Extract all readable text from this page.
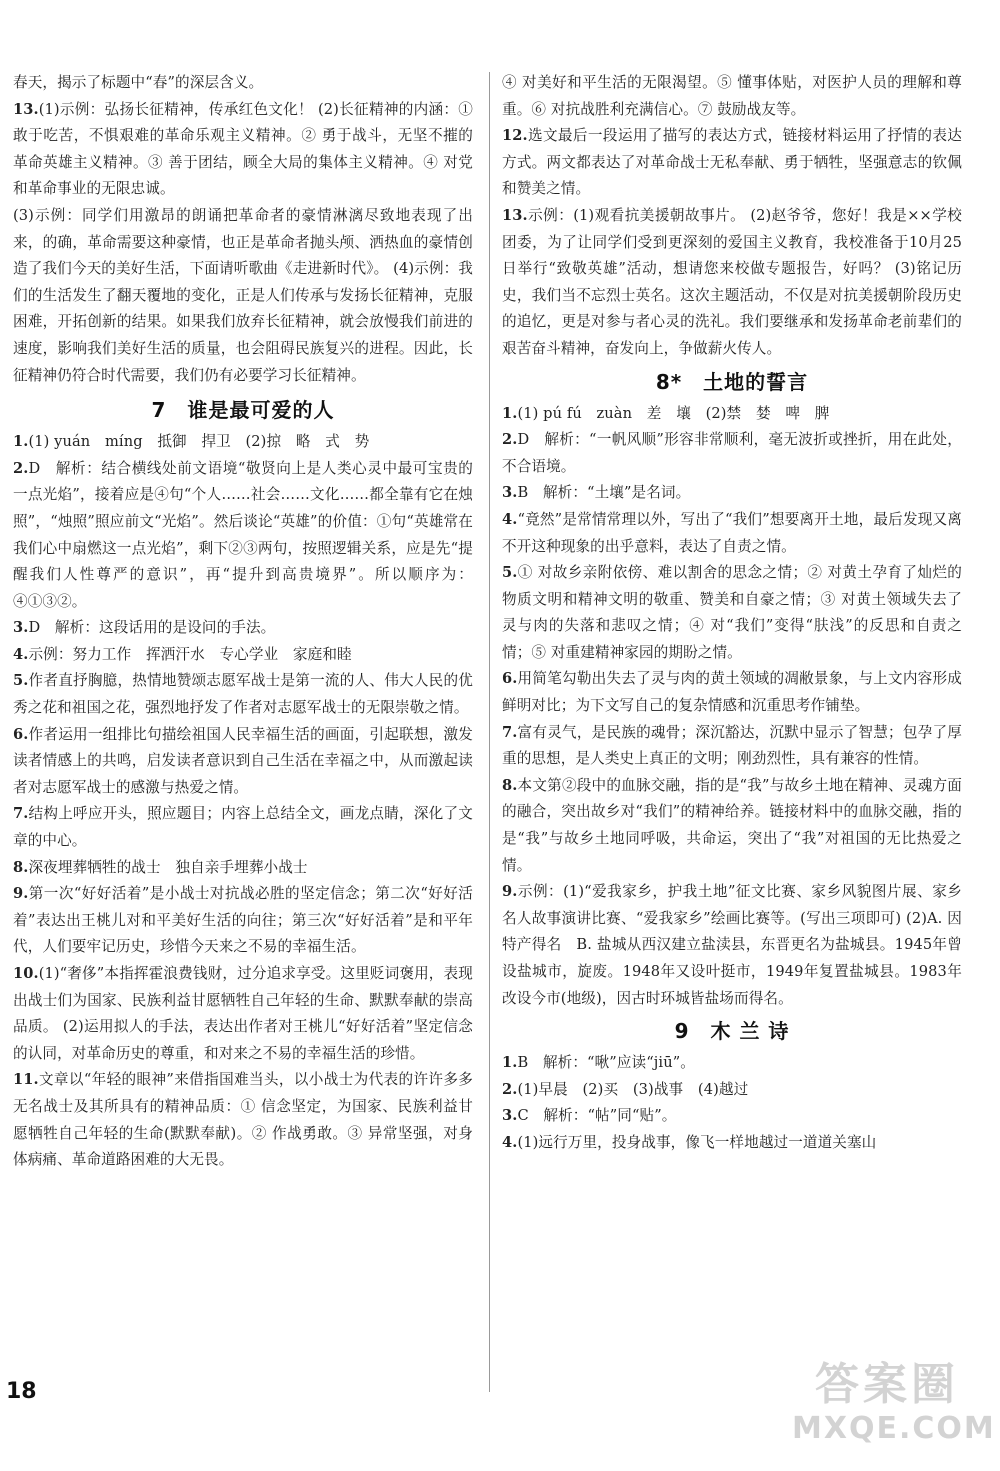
春天，揭示了标题中“春”的深层含义。

13.(1)示例：弘扬长征精神，传承红色文化！ (2)长征精神的内涵：① 敢于吃苦，不惧艰难的革命乐观主义精神。② 勇于战斗，无坚不摧的革命英雄主义精神。③ 善于团结，顾全大局的集体主义精神。④ 对党和革命事业的无限忠诚。

(3)示例：同学们用激昂的朗诵把革命者的豪情淋漓尽致地表现了出来，的确，革命需要这种豪情，也正是革命者抛头颅、洒热血的豪情创造了我们今天的美好生活，下面请听歌曲《走进新时代》。 (4)示例：我们的生活发生了翻天覆地的变化，正是人们传承与发扬长征精神，克服困难，开拓创新的结果。如果我们放弃长征精神，就会放慢我们前进的速度，影响我们美好生活的质量，也会阻碍民族复兴的进程。因此，长征精神仍符合时代需要，我们仍有必要学习长征精神。

7　谁是最可爱的人

1.(1) yuán　míng　抵御　捍卫　(2)掠　略　式　势

2.D　解析：结合横线处前文语境“敬贤向上是人类心灵中最可宝贵的一点光焰”，接着应是④句“个人……社会……文化……都全靠有它在烛照”，“烛照”照应前文“光焰”。然后谈论“英雄”的价值：①句“英雄常在我们心中扇燃这一点光焰”，剩下②③两句，按照逻辑关系，应是先“提醒我们人性尊严的意识”，再“提升到高贵境界”。所以顺序为：④①③②。

3.D　解析：这段话用的是设问的手法。

4.示例：努力工作　挥洒汗水　专心学业　家庭和睦

5.作者直抒胸臆，热情地赞颂志愿军战士是第一流的人、伟大人民的优秀之花和祖国之花，强烈地抒发了作者对志愿军战士的无限崇敬之情。

6.作者运用一组排比句描绘祖国人民幸福生活的画面，引起联想，激发读者情感上的共鸣，启发读者意识到自己生活在幸福之中，从而激起读者对志愿军战士的感激与热爱之情。

7.结构上呼应开头，照应题目；内容上总结全文，画龙点睛，深化了文章的中心。

8.深夜埋葬牺牲的战士　独自亲手埋葬小战士

9.第一次“好好活着”是小战士对抗战必胜的坚定信念；第二次“好好活着”表达出王桃儿对和平美好生活的向往；第三次“好好活着”是和平年代，人们要牢记历史，珍惜今天来之不易的幸福生活。

10.(1)“奢侈”本指挥霍浪费钱财，过分追求享受。这里贬词褒用，表现出战士们为国家、民族利益甘愿牺牲自己年轻的生命、默默奉献的崇高品质。 (2)运用拟人的手法，表达出作者对王桃儿“好好活着”坚定信念的认同，对革命历史的尊重，和对来之不易的幸福生活的珍惜。

11.文章以“年轻的眼神”来借指国难当头，以小战士为代表的许许多多无名战士及其所具有的精神品质：① 信念坚定，为国家、民族利益甘愿牺牲自己年轻的生命(默默奉献)。② 作战勇敢。③ 异常坚强，对身体病痛、革命道路困难的大无畏。

④ 对美好和平生活的无限渴望。⑤ 懂事体贴，对医护人员的理解和尊重。⑥ 对抗战胜利充满信心。⑦ 鼓励战友等。

12.选文最后一段运用了描写的表达方式，链接材料运用了抒情的表达方式。两文都表达了对革命战士无私奉献、勇于牺牲，坚强意志的钦佩和赞美之情。

13.示例：(1)观看抗美援朝故事片。 (2)赵爷爷，您好！我是××学校团委，为了让同学们受到更深刻的爱国主义教育，我校准备于10月25日举行“致敬英雄”活动，想请您来校做专题报告，好吗？ (3)铭记历史，我们当不忘烈士英名。这次主题活动，不仅是对抗美援朝阶段历史的追忆，更是对参与者心灵的洗礼。我们要继承和发扬革命老前辈们的艰苦奋斗精神，奋发向上，争做薪火传人。

8*　土地的誓言

1.(1) pú fú　zuàn　差　壤　(2)禁　婪　啤　脾

2.D　解析：“一帆风顺”形容非常顺利，毫无波折或挫折，用在此处，不合语境。

3.B　解析：“土壤”是名词。

4.“竟然”是常情常理以外，写出了“我们”想要离开土地，最后发现又离不开这种现象的出乎意料，表达了自责之情。

5.① 对故乡亲附依傍、难以割舍的思念之情；② 对黄土孕育了灿烂的物质文明和精神文明的敬重、赞美和自豪之情；③ 对黄土领域失去了灵与肉的失落和悲叹之情；④ 对“我们”变得“肤浅”的反思和自责之情；⑤ 对重建精神家园的期盼之情。

6.用简笔勾勒出失去了灵与肉的黄土领域的凋敝景象，与上文内容形成鲜明对比；为下文写自己的复杂情感和沉重思考作铺垫。

7.富有灵气，是民族的魂骨；深沉豁达，沉默中显示了智慧；包孕了厚重的思想，是人类史上真正的文明；刚劲烈性，具有兼容的性情。

8.本文第②段中的血脉交融，指的是“我”与故乡土地在精神、灵魂方面的融合，突出故乡对“我们”的精神给养。链接材料中的血脉交融，指的是“我”与故乡土地同呼吸，共命运，突出了“我”对祖国的无比热爱之情。

9.示例：(1)“爱我家乡，护我土地”征文比赛、家乡风貌图片展、家乡名人故事演讲比赛、“爱我家乡”绘画比赛等。(写出三项即可) (2)A. 因特产得名　B. 盐城从西汉建立盐渎县，东晋更名为盐城县。1945年曾设盐城市，旋废。1948年又设叶挺市，1949年复置盐城县。1983年改设今市(地级)，因古时环城皆盐场而得名。

9　木 兰 诗

1.B　解析：“啾”应读“jiū”。

2.(1)早晨　(2)买　(3)战事　(4)越过

3.C　解析：“帖”同“贴”。

4.(1)远行万里，投身战事，像飞一样地越过一道道关塞山

18	答案圈
MXQE.COM
